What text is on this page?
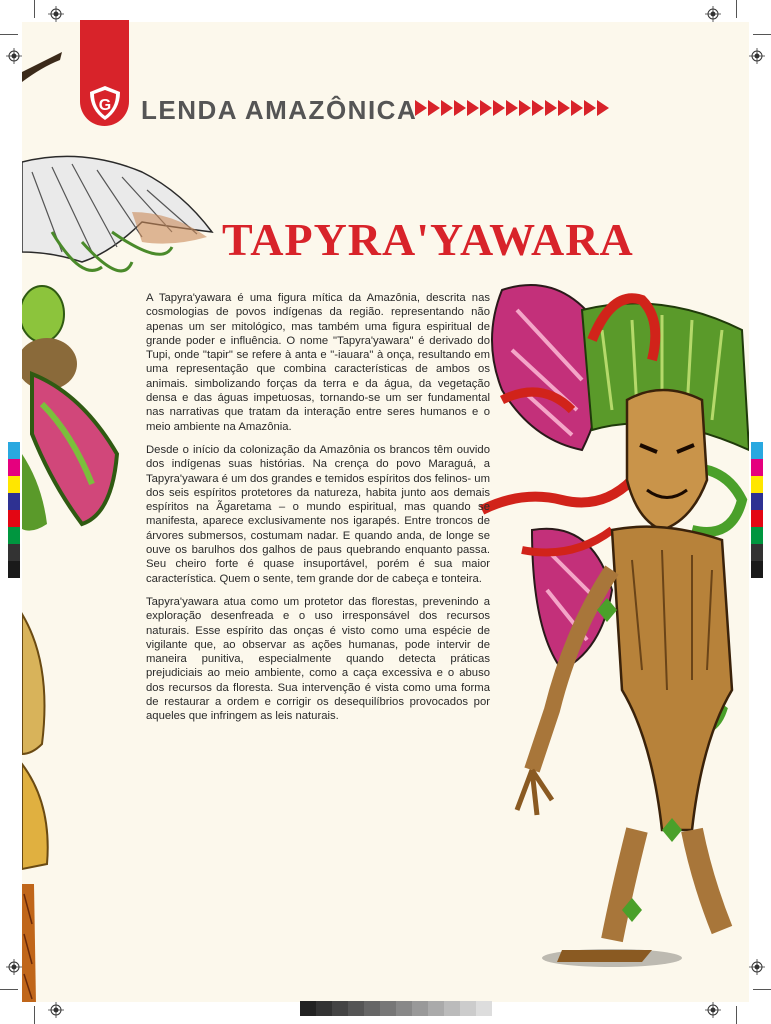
G LENDA AMAZÔNICA
TAPYRA'YAWARA

A Tapyra'yawara é uma figura mítica da Amazônia, descrita nas cosmologias de povos indígenas da região. representando não apenas um ser mitológico, mas também uma figura espiritual de grande poder e influência. O nome "Tapyra'yawara" é derivado do Tupi, onde "tapir" se refere à anta e "-iauara" à onça, resultando em uma representação que combina características de ambos os animais. simbolizando forças da terra e da água, da vegetação densa e das águas impetuosas, tornando-se um ser fundamental nas narrativas que tratam da interação entre seres humanos e o meio ambiente na Amazônia.

Desde o início da colonização da Amazônia os brancos têm ouvido dos indígenas suas histórias. Na crença do povo Maraguá, a Tapyra'yawara é um dos grandes e temidos espíritos dos felinos- um dos seis espíritos protetores da natureza, habita junto aos demais espíritos na Ãgaretama – o mundo espiritual, mas quando se manifesta, aparece exclusivamente nos igarapés. Entre troncos de árvores submersos, costumam nadar. E quando anda, de longe se ouve os barulhos dos galhos de paus quebrando enquanto passa. Seu cheiro forte é quase insuportável, porém é sua maior característica. Quem o sente, tem grande dor de cabeça e tonteira.

Tapyra'yawara atua como um protetor das florestas, prevenindo a exploração desenfreada e o uso irresponsável dos recursos naturais. Esse espírito das onças é visto como uma espécie de vigilante que, ao observar as ações humanas, pode intervir de maneira punitiva, especialmente quando detecta práticas prejudiciais ao meio ambiente, como a caça excessiva e o abuso dos recursos da floresta. Sua intervenção é vista como uma forma de restaurar a ordem e corrigir os desequilíbrios provocados por aqueles que infringem as leis naturais.
